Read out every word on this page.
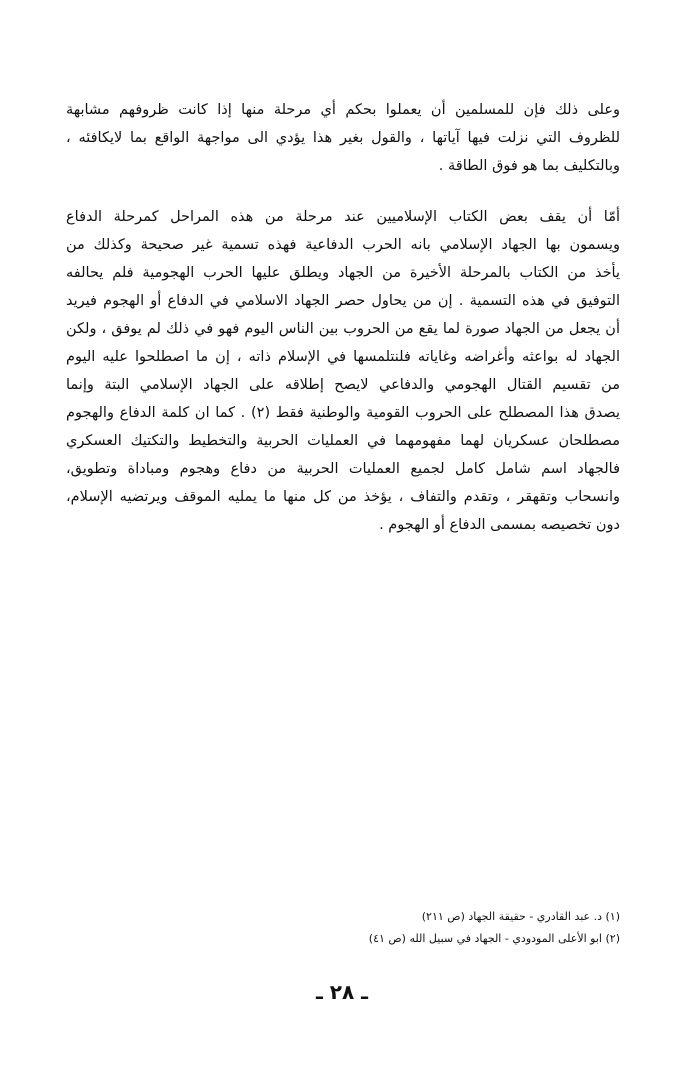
وعلى ذلك فإن للمسلمين أن يعملوا بحكم أي مرحلة منها إذا كانت ظروفهم مشابهة
للظروف التي نزلت فيها آياتها ، والقول بغير هذا يؤدي الى مواجهة الواقع بما لايكافئه ،
وبالتكليف بما هو فوق الطاقة .
أمّا أن يقف بعض الكتاب الإسلاميين عند مرحلة من هذه المراحل كمرحلة الدفاع
ويسمون بها الجهاد الإسلامي بانه الحرب الدفاعية فهذه تسمية غير صحيحة وكذلك من
يأخذ من الكتاب بالمرحلة الأخيرة من الجهاد ويطلق عليها الحرب الهجومية فلم يحالفه
التوفيق في هذه التسمية . إن من يحاول حصر الجهاد الاسلامي في الدفاع أو الهجوم فيريد
أن يجعل من الجهاد صورة لما يقع من الحروب بين الناس اليوم فهو في ذلك لم يوفق ، ولكن
الجهاد له بواعثه وأغراضه وغاياته فلنتلمسها في الإسلام ذاته ، إن ما اصطلحوا عليه اليوم
من تقسيم القتال الهجومي والدفاعي لايصح إطلاقه على الجهاد الإسلامي البتة وإنما
يصدق هذا المصطلح على الحروب القومية والوطنية فقط (٢) . كما ان كلمة الدفاع والهجوم
مصطلحان عسكريان لهما مفهومهما في العمليات الحربية والتخطيط والتكتيك العسكري
فالجهاد اسم شامل كامل لجميع العمليات الحربية من دفاع وهجوم ومباداة وتطويق،
وانسحاب وتقهقر ، وتقدم والتفاف ، يؤخذ من كل منها ما يمليه الموقف ويرتضيه الإسلام،
دون تخصيصه بمسمى الدفاع أو الهجوم .
(١) د. عبد القادري - حقيقة الجهاد (ص ٢١١)
(٢) ابو الأعلى المودودي - الجهاد في سبيل الله (ص ٤١)
ـ ٢٨ ـ
